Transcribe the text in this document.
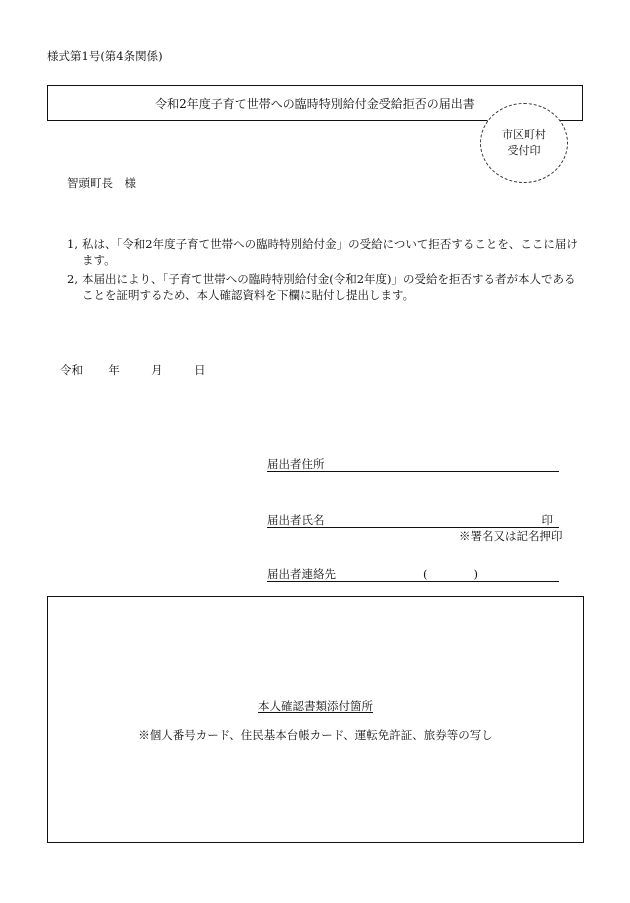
様式第1号(第4条関係)
令和2年度子育て世帯への臨時特別給付金受給拒否の届出書
市区町村
受付印
智頭町長　様
1, 私は、「令和2年度子育て世帯への臨時特別給付金」の受給について拒否することを、ここに届けます。
2, 本届出により、「子育て世帯への臨時特別給付金(令和2年度)」の受給を拒否する者が本人であることを証明するため、本人確認資料を下欄に貼付し提出します。
令和 年	月	日
届出者住所
届出者氏名	印
※署名又は記名押印
届出者連絡先	(　　　　)
本人確認書類添付箇所
※個人番号カード、住民基本台帳カード、運転免許証、旅券等の写し
